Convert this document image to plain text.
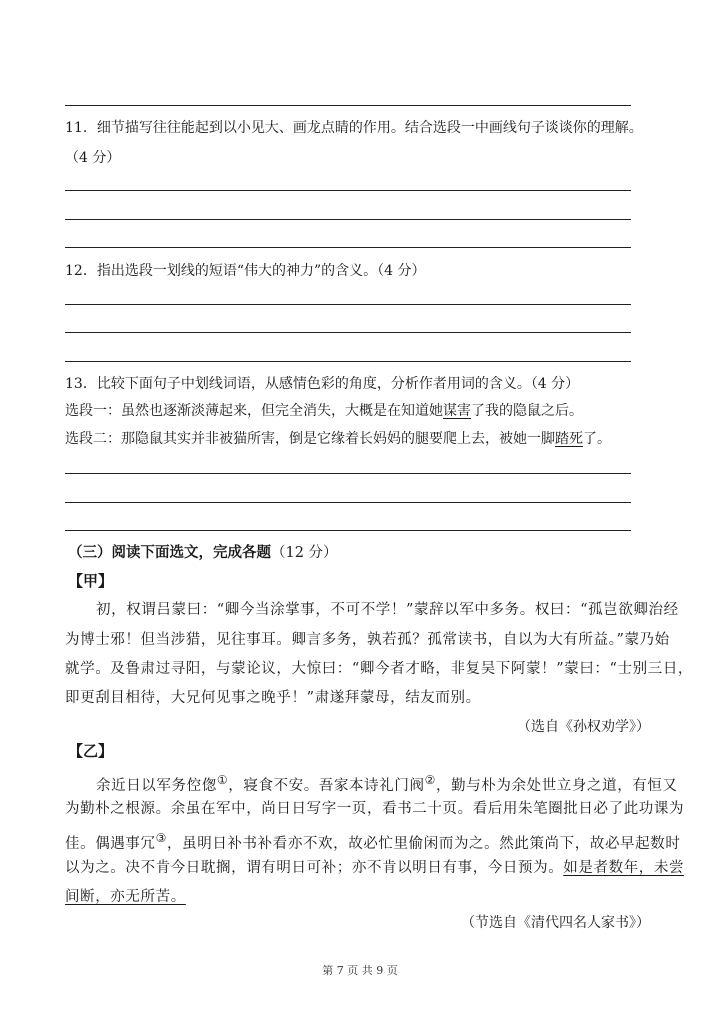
11．细节描写往往能起到以小见大、画龙点睛的作用。结合选段一中画线句子谈谈你的理解。
（4 分）
12．指出选段一划线的短语“伟大的神力”的含义。（4 分）
13．比较下面句子中划线词语，从感情色彩的角度，分析作者用词的含义。（4 分）
选段一：虽然也逐渐淡薄起来，但完全消失，大概是在知道她谋害了我的隐鼠之后。
选段二：那隐鼠其实并非被猫所害，倒是它缘着长妈妈的腿要爬上去，被她一脚踏死了。
（三）阅读下面选文，完成各题（12 分）
【甲】
初，权谓吕蒙曰：“卿今当涂掌事，不可不学！”蒙辞以军中多务。权曰：“孤岂欲卿治经
为博士邪！但当涉猎，见往事耳。卿言多务，孰若孤？孤常读书，自以为大有所益。”蒙乃始
就学。及鲁肃过寻阳，与蒙论议，大惊曰：“卿今者才略，非复吴下阿蒙！”蒙曰：“士别三日，
即更刮目相待，大兄何见事之晚乎！”肃遂拜蒙母，结友而别。
（选自《孙权劝学》）
【乙】
余近日以军务倥偬①，寝食不安。吾家本诗礼门阀②，勤与朴为余处世立身之道，有恒又
为勤朴之根源。余虽在军中，尚日日写字一页，看书二十页。看后用朱笔圈批日必了此功课为
佳。偶遇事冗③，虽明日补书补看亦不欢，故必忙里偷闲而为之。然此策尚下，故必早起数时
以为之。决不肯今日耽搁，谓有明日可补；亦不肯以明日有事，今日预为。如是者数年，未尝
间断，亦无所苦。
（节选自《清代四名人家书》）
第 7 页 共 9 页
